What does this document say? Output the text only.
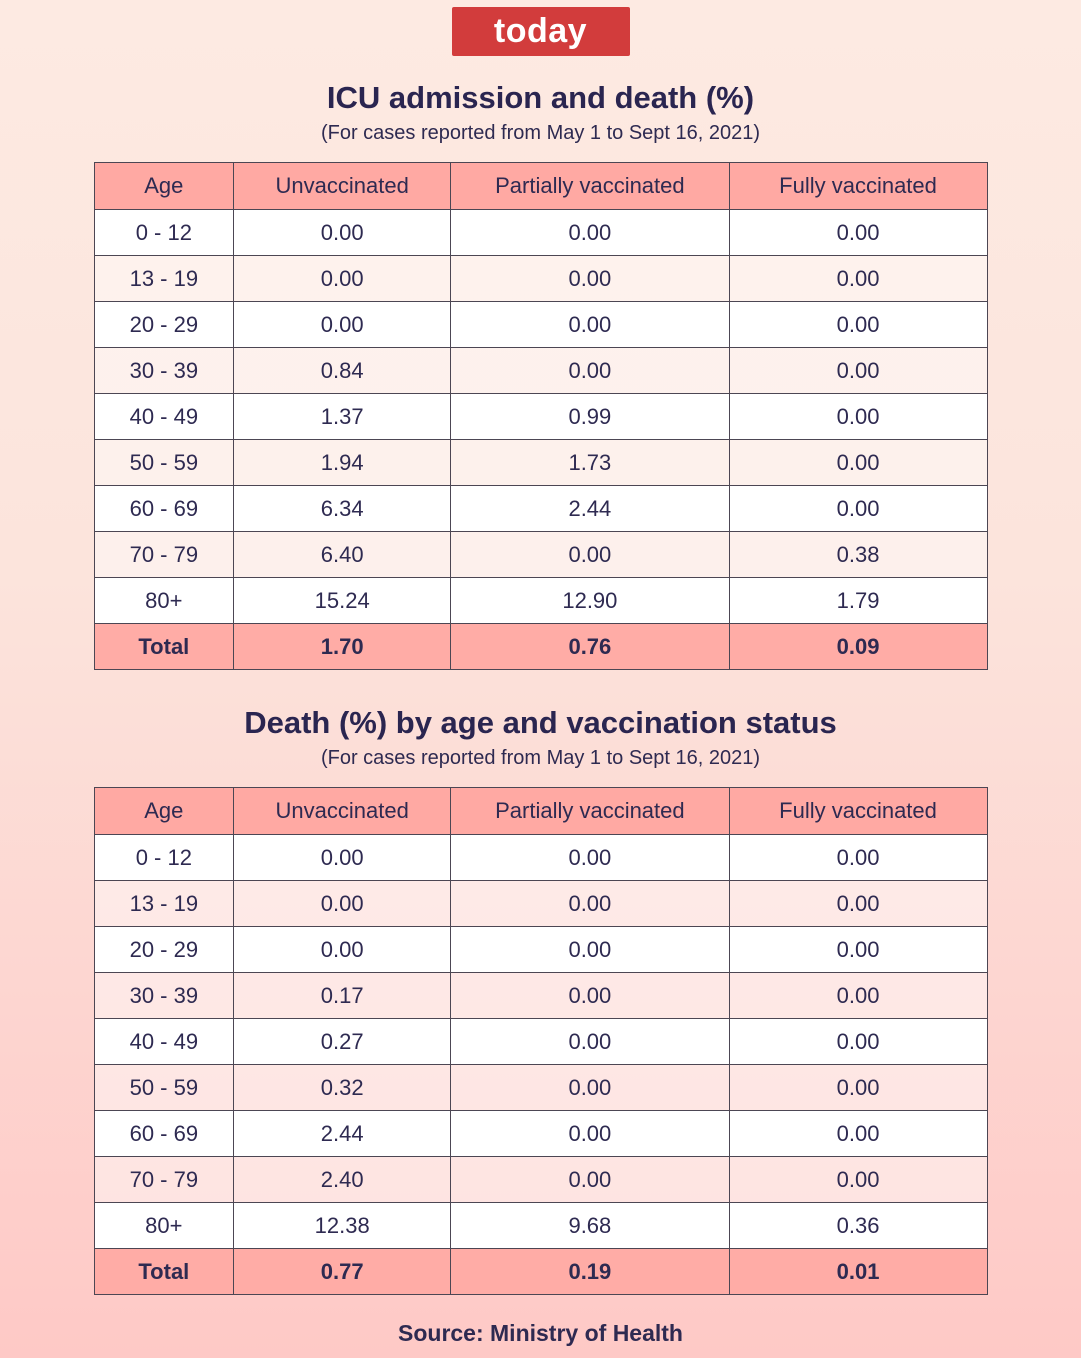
today
ICU admission and death (%)
(For cases reported from May 1 to Sept 16, 2021)
Age	Unvaccinated	Partially vaccinated	Fully vaccinated
0 - 12	0.00	0.00	0.00
13 - 19	0.00	0.00	0.00
20 - 29	0.00	0.00	0.00
30 - 39	0.84	0.00	0.00
40 - 49	1.37	0.99	0.00
50 - 59	1.94	1.73	0.00
60 - 69	6.34	2.44	0.00
70 - 79	6.40	0.00	0.38
80+	15.24	12.90	1.79
Total	1.70	0.76	0.09
Death (%) by age and vaccination status
(For cases reported from May 1 to Sept 16, 2021)
Age	Unvaccinated	Partially vaccinated	Fully vaccinated
0 - 12	0.00	0.00	0.00
13 - 19	0.00	0.00	0.00
20 - 29	0.00	0.00	0.00
30 - 39	0.17	0.00	0.00
40 - 49	0.27	0.00	0.00
50 - 59	0.32	0.00	0.00
60 - 69	2.44	0.00	0.00
70 - 79	2.40	0.00	0.00
80+	12.38	9.68	0.36
Total	0.77	0.19	0.01
Source: Ministry of Health
